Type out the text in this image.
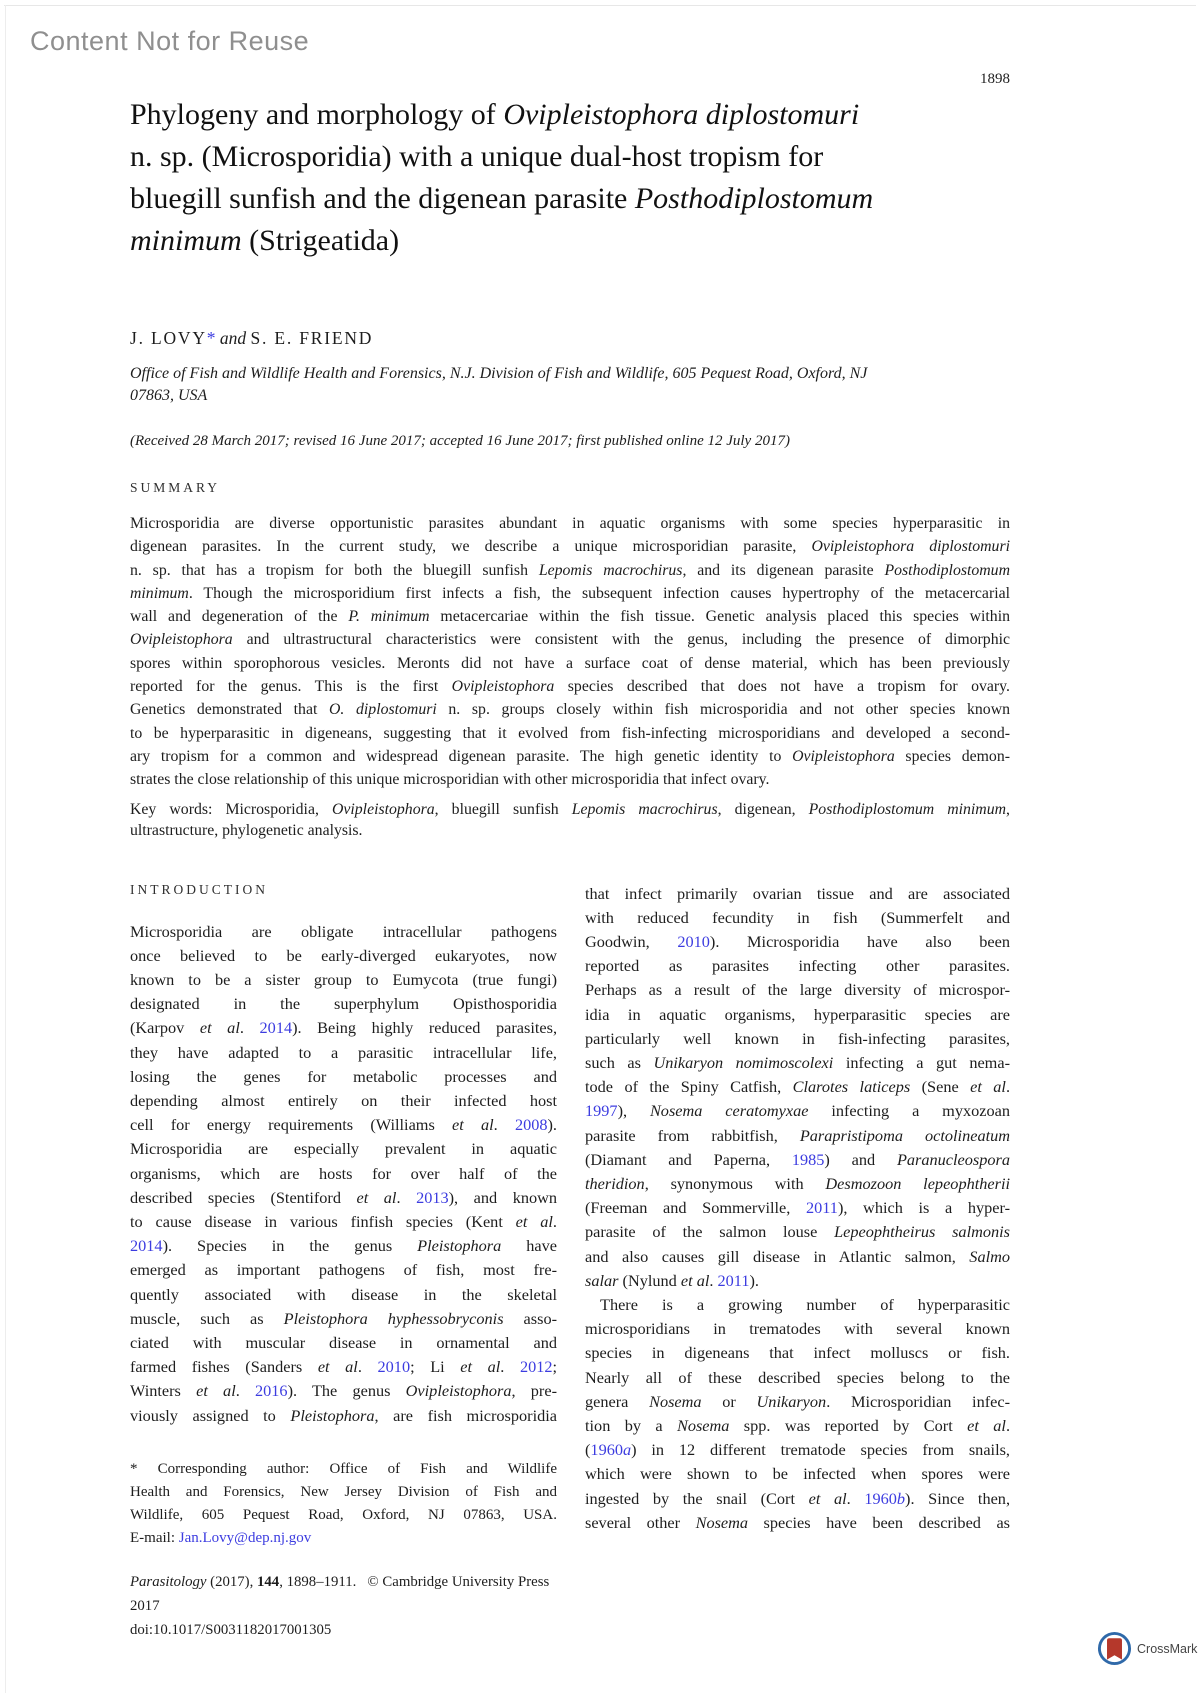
Content Not for Reuse
1898
Phylogeny and morphology of Ovipleistophora diplostomuri
n. sp. (Microsporidia) with a unique dual-host tropism for
bluegill sunfish and the digenean parasite Posthodiplostomum
minimum (Strigeatida)
J. LOVY* and S. E. FRIEND
Office of Fish and Wildlife Health and Forensics, N.J. Division of Fish and Wildlife, 605 Pequest Road, Oxford, NJ
07863, USA
(Received 28 March 2017; revised 16 June 2017; accepted 16 June 2017; first published online 12 July 2017)
SUMMARY
Microsporidia are diverse opportunistic parasites abundant in aquatic organisms with some species hyperparasitic in
digenean parasites. In the current study, we describe a unique microsporidian parasite, Ovipleistophora diplostomuri
n. sp. that has a tropism for both the bluegill sunfish Lepomis macrochirus, and its digenean parasite Posthodiplostomum
minimum. Though the microsporidium first infects a fish, the subsequent infection causes hypertrophy of the metacercarial
wall and degeneration of the P. minimum metacercariae within the fish tissue. Genetic analysis placed this species within
Ovipleistophora and ultrastructural characteristics were consistent with the genus, including the presence of dimorphic
spores within sporophorous vesicles. Meronts did not have a surface coat of dense material, which has been previously
reported for the genus. This is the first Ovipleistophora species described that does not have a tropism for ovary.
Genetics demonstrated that O. diplostomuri n. sp. groups closely within fish microsporidia and not other species known
to be hyperparasitic in digeneans, suggesting that it evolved from fish-infecting microsporidians and developed a second-
ary tropism for a common and widespread digenean parasite. The high genetic identity to Ovipleistophora species demon-
strates the close relationship of this unique microsporidian with other microsporidia that infect ovary.
Key words: Microsporidia, Ovipleistophora, bluegill sunfish Lepomis macrochirus, digenean, Posthodiplostomum minimum,
ultrastructure, phylogenetic analysis.
INTRODUCTION
Microsporidia are obligate intracellular pathogens
once believed to be early-diverged eukaryotes, now
known to be a sister group to Eumycota (true fungi)
designated in the superphylum Opisthosporidia
(Karpov et al. 2014). Being highly reduced parasites,
they have adapted to a parasitic intracellular life,
losing the genes for metabolic processes and
depending almost entirely on their infected host
cell for energy requirements (Williams et al. 2008).
Microsporidia are especially prevalent in aquatic
organisms, which are hosts for over half of the
described species (Stentiford et al. 2013), and known
to cause disease in various finfish species (Kent et al.
2014). Species in the genus Pleistophora have
emerged as important pathogens of fish, most fre-
quently associated with disease in the skeletal
muscle, such as Pleistophora hyphessobryconis asso-
ciated with muscular disease in ornamental and
farmed fishes (Sanders et al. 2010; Li et al. 2012;
Winters et al. 2016). The genus Ovipleistophora, pre-
viously assigned to Pleistophora, are fish microsporidia
* Corresponding author: Office of Fish and Wildlife
Health and Forensics, New Jersey Division of Fish and
Wildlife, 605 Pequest Road, Oxford, NJ 07863, USA.
E-mail: Jan.Lovy@dep.nj.gov
Parasitology (2017), 144, 1898–1911.   © Cambridge University Press 2017
doi:10.1017/S0031182017001305
that infect primarily ovarian tissue and are associated
with reduced fecundity in fish (Summerfelt and
Goodwin, 2010). Microsporidia have also been
reported as parasites infecting other parasites.
Perhaps as a result of the large diversity of microspor-
idia in aquatic organisms, hyperparasitic species are
particularly well known in fish-infecting parasites,
such as Unikaryon nomimoscolexi infecting a gut nema-
tode of the Spiny Catfish, Clarotes laticeps (Sene et al.
1997), Nosema ceratomyxae infecting a myxozoan
parasite from rabbitfish, Parapristipoma octolineatum
(Diamant and Paperna, 1985) and Paranucleospora
theridion, synonymous with Desmozoon lepeophtherii
(Freeman and Sommerville, 2011), which is a hyper-
parasite of the salmon louse Lepeophtheirus salmonis
and also causes gill disease in Atlantic salmon, Salmo
salar (Nylund et al. 2011).
There is a growing number of hyperparasitic
microsporidians in trematodes with several known
species in digeneans that infect molluscs or fish.
Nearly all of these described species belong to the
genera Nosema or Unikaryon. Microsporidian infec-
tion by a Nosema spp. was reported by Cort et al.
(1960a) in 12 different trematode species from snails,
which were shown to be infected when spores were
ingested by the snail (Cort et al. 1960b). Since then,
several other Nosema species have been described as
CrossMark
